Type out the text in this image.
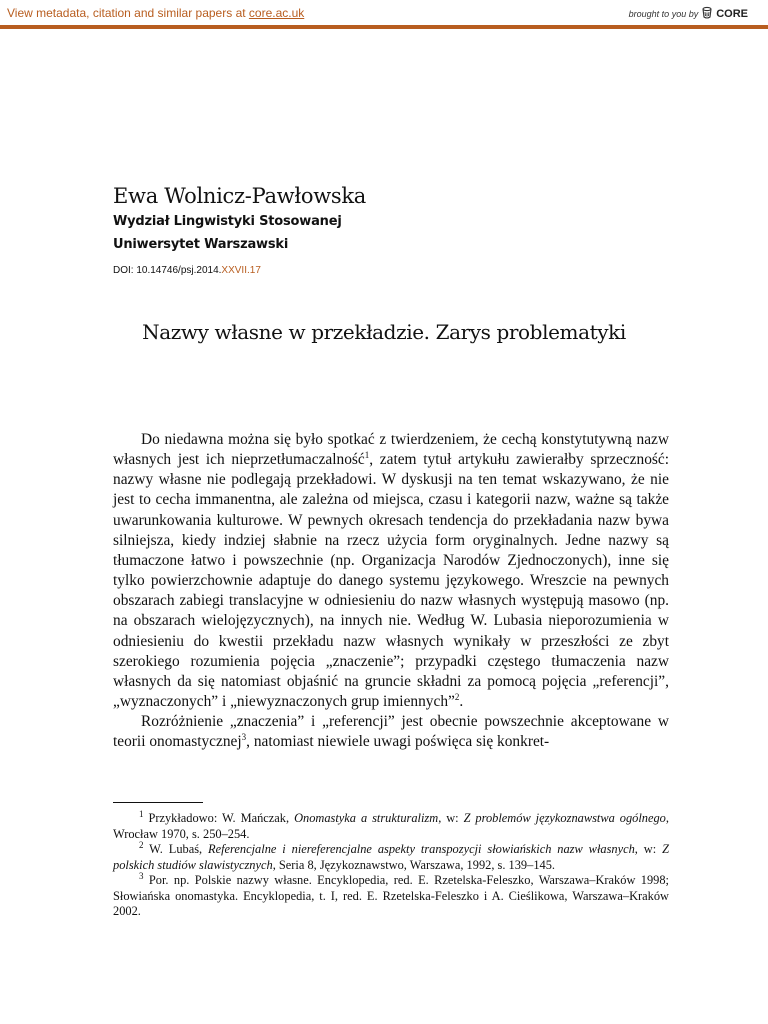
View metadata, citation and similar papers at core.ac.uk	brought to you by CORE
Ewa Wolnicz-Pawłowska
Wydział Lingwistyki Stosowanej
Uniwersytet Warszawski
DOI: 10.14746/psj.2014.XXVII.17
Nazwy własne w przekładzie. Zarys problematyki

Do niedawna można się było spotkać z twierdzeniem, że cechą konstytutywną nazw własnych jest ich nieprzetłumaczalność$^1$, zatem tytuł artykułu zawierałby sprzeczność: nazwy własne nie podlegają przekładowi. W dyskusji na ten temat wskazywano, że nie jest to cecha immanentna, ale zależna od miejsca, czasu i kategorii nazw, ważne są także uwarunkowania kulturowe. W pewnych okresach tendencja do przekładania nazw bywa silniejsza, kiedy indziej słabnie na rzecz użycia form oryginalnych. Jedne nazwy są tłumaczone łatwo i powszechnie (np. Organizacja Narodów Zjednoczonych), inne się tylko powierzchownie adaptuje do danego systemu językowego. Wreszcie na pewnych obszarach zabiegi translacyjne w odniesieniu do nazw własnych występują masowo (np. na obszarach wielojęzycznych), na innych nie. Według W. Lubasia nieporozumienia w odniesieniu do kwestii przekładu nazw własnych wynikały w przeszłości ze zbyt szerokiego rozumienia pojęcia „znaczenie”; przypadki częstego tłumaczenia nazw własnych da się natomiast objaśnić na gruncie składni za pomocą pojęcia „referencji”, „wyznaczonych” i „niewyznaczonych grup imiennych”$^2$.

Rozróżnienie „znaczenia” i „referencji” jest obecnie powszechnie akceptowane w teorii onomastycznej$^3$, natomiast niewiele uwagi poświęca się konkret-

$^1$ Przykładowo: W. Mańczak, Onomastyka a strukturalizm, w: Z problemów językoznawstwa ogólnego, Wrocław 1970, s. 250–254.

$^2$ W. Lubaś, Referencjalne i niereferencjalne aspekty transpozycji słowiańskich nazw własnych, w: Z polskich studiów slawistycznych, Seria 8, Językoznawstwo, Warszawa, 1992, s. 139–145.

$^3$ Por. np. Polskie nazwy własne. Encyklopedia, red. E. Rzetelska-Feleszko, Warszawa–Kraków 1998; Słowiańska onomastyka. Encyklopedia, t. I, red. E. Rzetelska-Feleszko i A. Cieślikowa, Warszawa–Kraków 2002.
